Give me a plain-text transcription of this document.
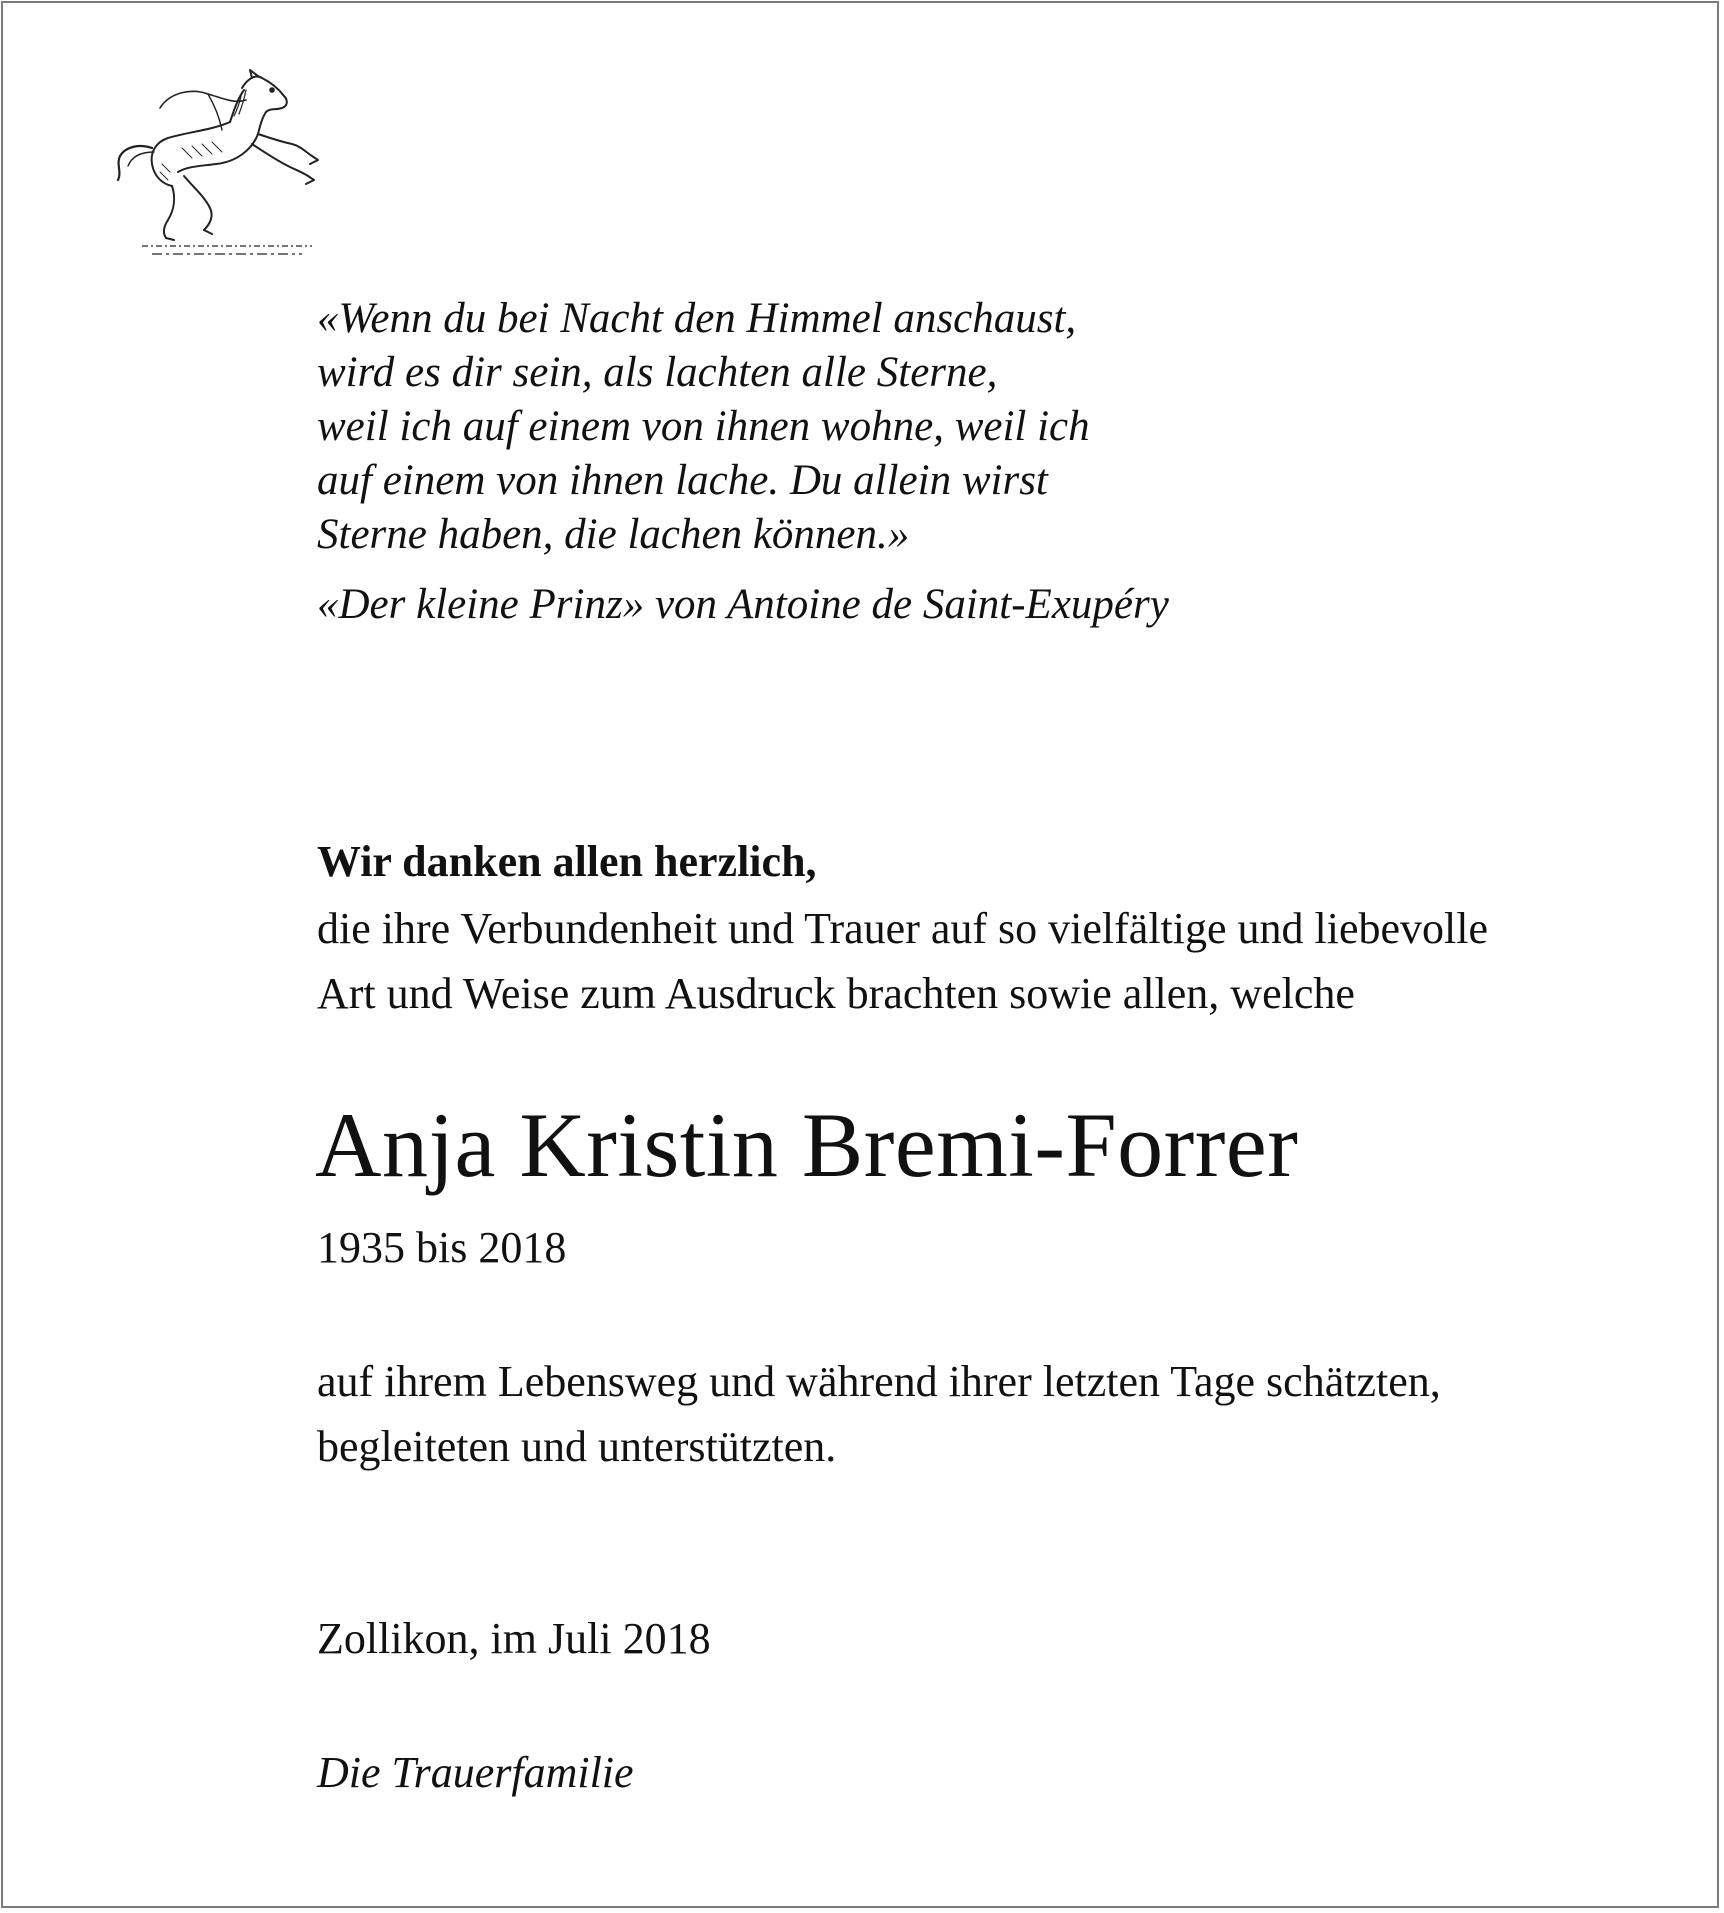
«Wenn du bei Nacht den Himmel anschaust,
wird es dir sein, als lachten alle Sterne,
weil ich auf einem von ihnen wohne, weil ich
auf einem von ihnen lache. Du allein wirst
Sterne haben, die lachen können.»
«Der kleine Prinz» von Antoine de Saint-Exupéry
Wir danken allen herzlich,
die ihre Verbundenheit und Trauer auf so vielfältige und liebevolle
Art und Weise zum Ausdruck brachten sowie allen, welche
Anja Kristin Bremi-Forrer
1935 bis 2018
auf ihrem Lebensweg und während ihrer letzten Tage schätzten,
begleiteten und unterstützten.
Zollikon, im Juli 2018
Die Trauerfamilie
